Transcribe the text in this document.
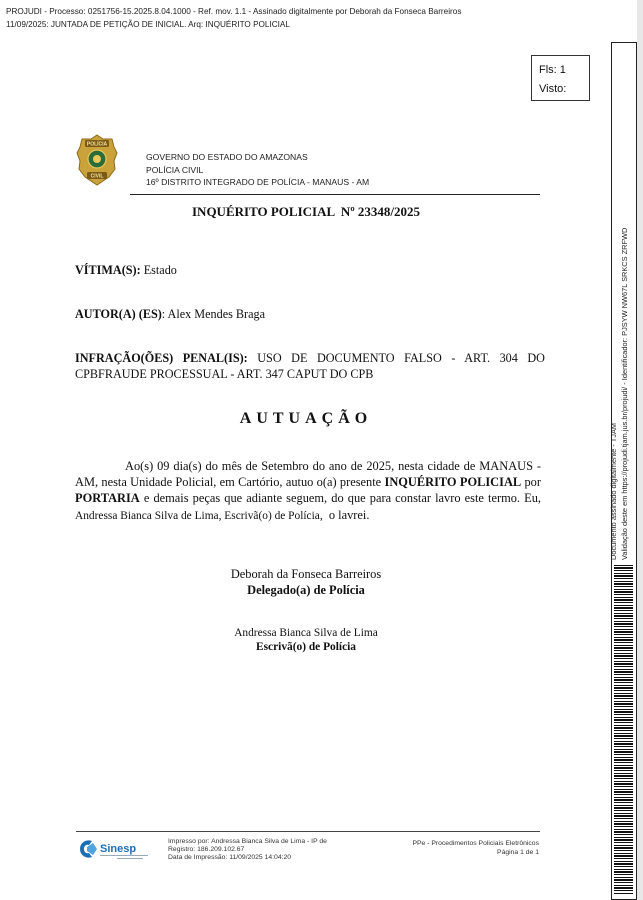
PROJUDI - Processo: 0251756-15.2025.8.04.1000 - Ref. mov. 1.1 - Assinado digitalmente por Deborah da Fonseca Barreiros
11/09/2025: JUNTADA DE PETIÇÃO DE INICIAL. Arq: INQUÉRITO POLICIAL
Fls: 1
Visto:
POLÍCIA
CIVIL
GOVERNO DO ESTADO DO AMAZONAS
POLÍCIA CIVIL
16º DISTRITO INTEGRADO DE POLÍCIA - MANAUS - AM
INQUÉRITO POLICIAL  Nº 23348/2025
VÍTIMA(S): Estado
AUTOR(A) (ES): Alex Mendes Braga
INFRAÇÃO(ÕES) PENAL(IS): USO DE DOCUMENTO FALSO - ART. 304 DO CPBFRAUDE PROCESSUAL - ART. 347 CAPUT DO CPB
AUTUAÇÃO
Ao(s) 09 dia(s) do mês de Setembro do ano de 2025, nesta cidade de MANAUS -AM, nesta Unidade Policial, em Cartório, autuo o(a) presente INQUÉRITO POLICIAL por PORTARIA e demais peças que adiante seguem, do que para constar lavro este termo. Eu, Andressa Bianca Silva de Lima, Escrivã(o) de Polícia,  o lavrei.
Deborah da Fonseca Barreiros
Delegado(a) de Polícia
Andressa Bianca Silva de Lima
Escrivã(o) de Polícia
Sinesp
Impresso por: Andressa Bianca Silva de Lima - IP de
Registro: 186.209.102.67
Data de Impressão: 11/09/2025 14:04:20
PPe - Procedimentos Policiais Eletrônicos
Página 1 de 1
Documento assinado digitalmente - TJAM Validação deste em https://projudi.tjam.jus.br/projudi/ - Identificador: PJSYW NW67L SRKCS ZRFWD
